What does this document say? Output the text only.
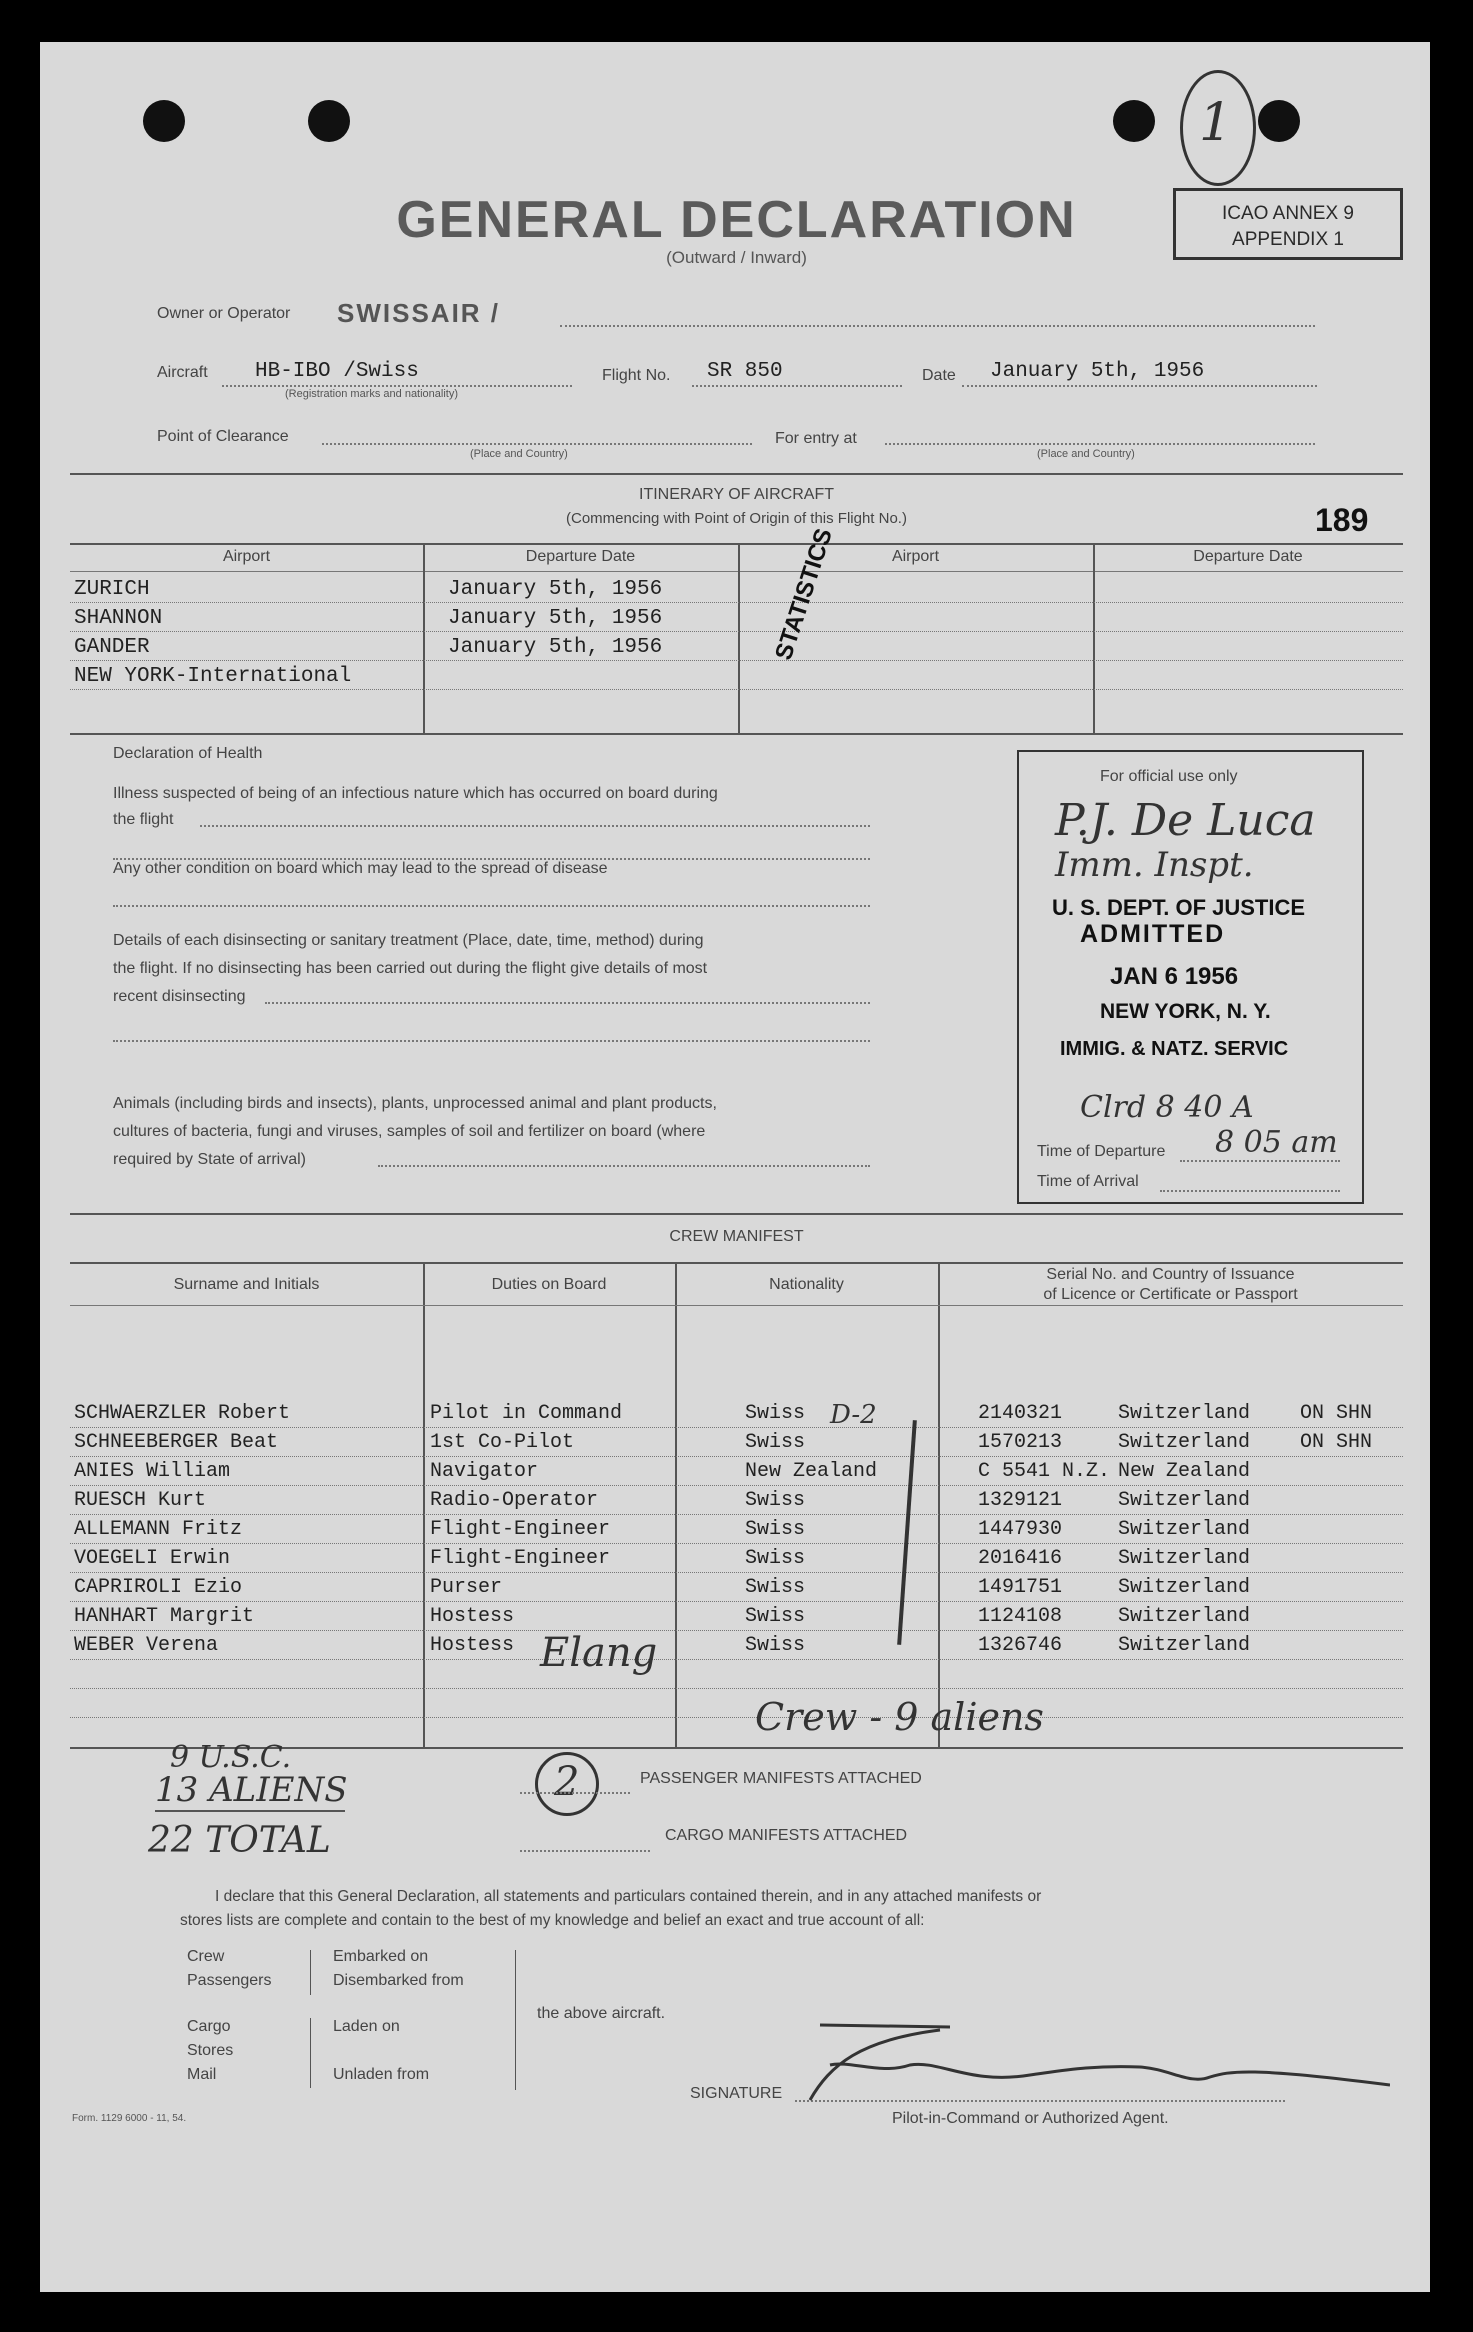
1
GENERAL DECLARATION
(Outward / Inward)
ICAO ANNEX 9
APPENDIX 1
Owner or Operator SWISSAIR /
Aircraft HB-IBO /Swiss
(Registration marks and nationality)
Flight No. SR 850	Date January 5th, 1956
Point of Clearance
(Place and Country)
For entry at
(Place and Country)
ITINERARY OF AIRCRAFT
(Commencing with Point of Origin of this Flight No.)	189
Airport	Departure Date	Airport	Departure Date
ZURICH	January 5th, 1956
SHANNON	January 5th, 1956
GANDER	January 5th, 1956
NEW YORK-International
STATISTICS
Declaration of Health
Illness suspected of being of an infectious nature which has occurred on board during
the flight
Any other condition on board which may lead to the spread of disease
Details of each disinsecting or sanitary treatment (Place, date, time, method) during
the flight. If no disinsecting has been carried out during the flight give details of most
recent disinsecting
Animals (including birds and insects), plants, unprocessed animal and plant products,
cultures of bacteria, fungi and viruses, samples of soil and fertilizer on board (where
required by State of arrival)
For official use only
P.J. De Luca
Imm. Inspt.
U. S. DEPT. OF JUSTICE
ADMITTED
JAN 6 1956
NEW YORK, N. Y.
IMMIG. & NATZ. SERVIC
Clrd 8 40 A
Time of Departure 8 05 am
Time of Arrival
CREW MANIFEST
Surname and Initials	Duties on Board	Nationality
Serial No. and Country of Issuance
of Licence or Certificate or Passport
SCHWAERZLER Robert	Pilot in Command	Swiss	2140321	Switzerland ON SHN
SCHNEEBERGER Beat	1st Co-Pilot	Swiss	1570213	Switzerland ON SHN
ANIES William	Navigator	New Zealand	C 5541 N.Z. New Zealand
RUESCH Kurt	Radio-Operator	Swiss	1329121	Switzerland
ALLEMANN Fritz	Flight-Engineer	Swiss	1447930	Switzerland
VOEGELI Erwin	Flight-Engineer	Swiss	2016416	Switzerland
CAPRIROLI Ezio	Purser	Swiss	1491751	Switzerland
HANHART Margrit	Hostess	Swiss	1124108	Switzerland
WEBER Verena	Hostess	Swiss	1326746	Switzerland
D-2
Elang
Crew - 9 aliens
9 U.S.C.
13 ALIENS
22 TOTAL
2	PASSENGER MANIFESTS ATTACHED
CARGO MANIFESTS ATTACHED
I declare that this General Declaration, all statements and particulars contained therein, and in any attached manifests or
stores lists are complete and contain to the best of my knowledge and belief an exact and true account of all:
Crew
Passengers
Embarked on
Disembarked from
Cargo
Stores
Mail
Laden on
Unladen from
the above aircraft.
SIGNATURE
Pilot-in-Command or Authorized Agent.
Form. 1129 6000 - 11, 54.
